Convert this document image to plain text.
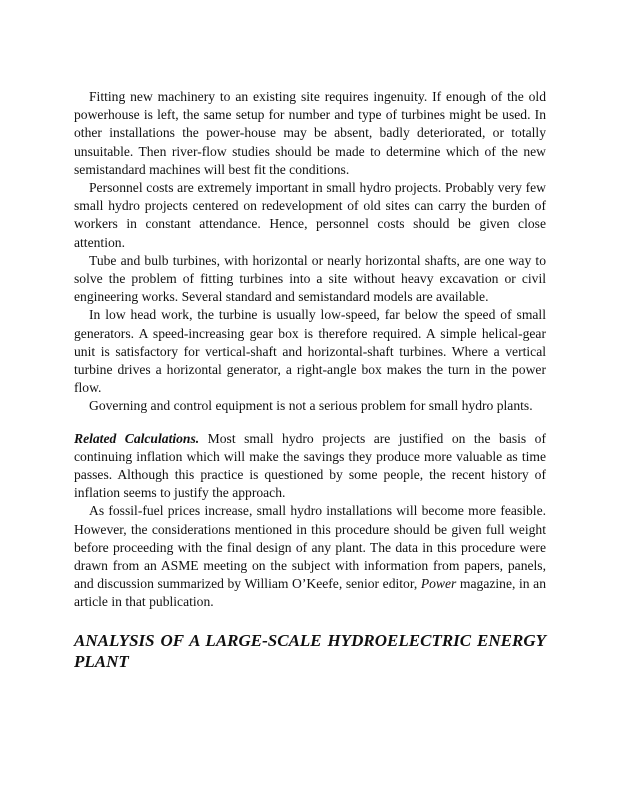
Fitting new machinery to an existing site requires ingenuity. If enough of the old powerhouse is left, the same setup for number and type of turbines might be used. In other installations the power-house may be absent, badly deteriorated, or totally unsuitable. Then river-flow studies should be made to determine which of the new semistandard machines will best fit the conditions.

Personnel costs are extremely important in small hydro projects. Probably very few small hydro projects centered on redevelopment of old sites can carry the burden of workers in constant attendance. Hence, personnel costs should be given close attention.

Tube and bulb turbines, with horizontal or nearly horizontal shafts, are one way to solve the problem of fitting turbines into a site without heavy excavation or civil engineering works. Several standard and semistandard models are available.

In low head work, the turbine is usually low-speed, far below the speed of small generators. A speed-increasing gear box is therefore required. A simple helical-gear unit is satisfactory for vertical-shaft and horizontal-shaft turbines. Where a vertical turbine drives a horizontal generator, a right-angle box makes the turn in the power flow.

Governing and control equipment is not a serious problem for small hydro plants.

Related Calculations. Most small hydro projects are justified on the basis of continuing inflation which will make the savings they produce more valuable as time passes. Although this practice is questioned by some people, the recent history of inflation seems to justify the approach.

As fossil-fuel prices increase, small hydro installations will become more feasible. However, the considerations mentioned in this procedure should be given full weight before proceeding with the final design of any plant. The data in this procedure were drawn from an ASME meeting on the subject with information from papers, panels, and discussion summarized by William O’Keefe, senior editor, Power magazine, in an article in that publication.

ANALYSIS OF A LARGE-SCALE HYDROELECTRIC ENERGY PLANT
